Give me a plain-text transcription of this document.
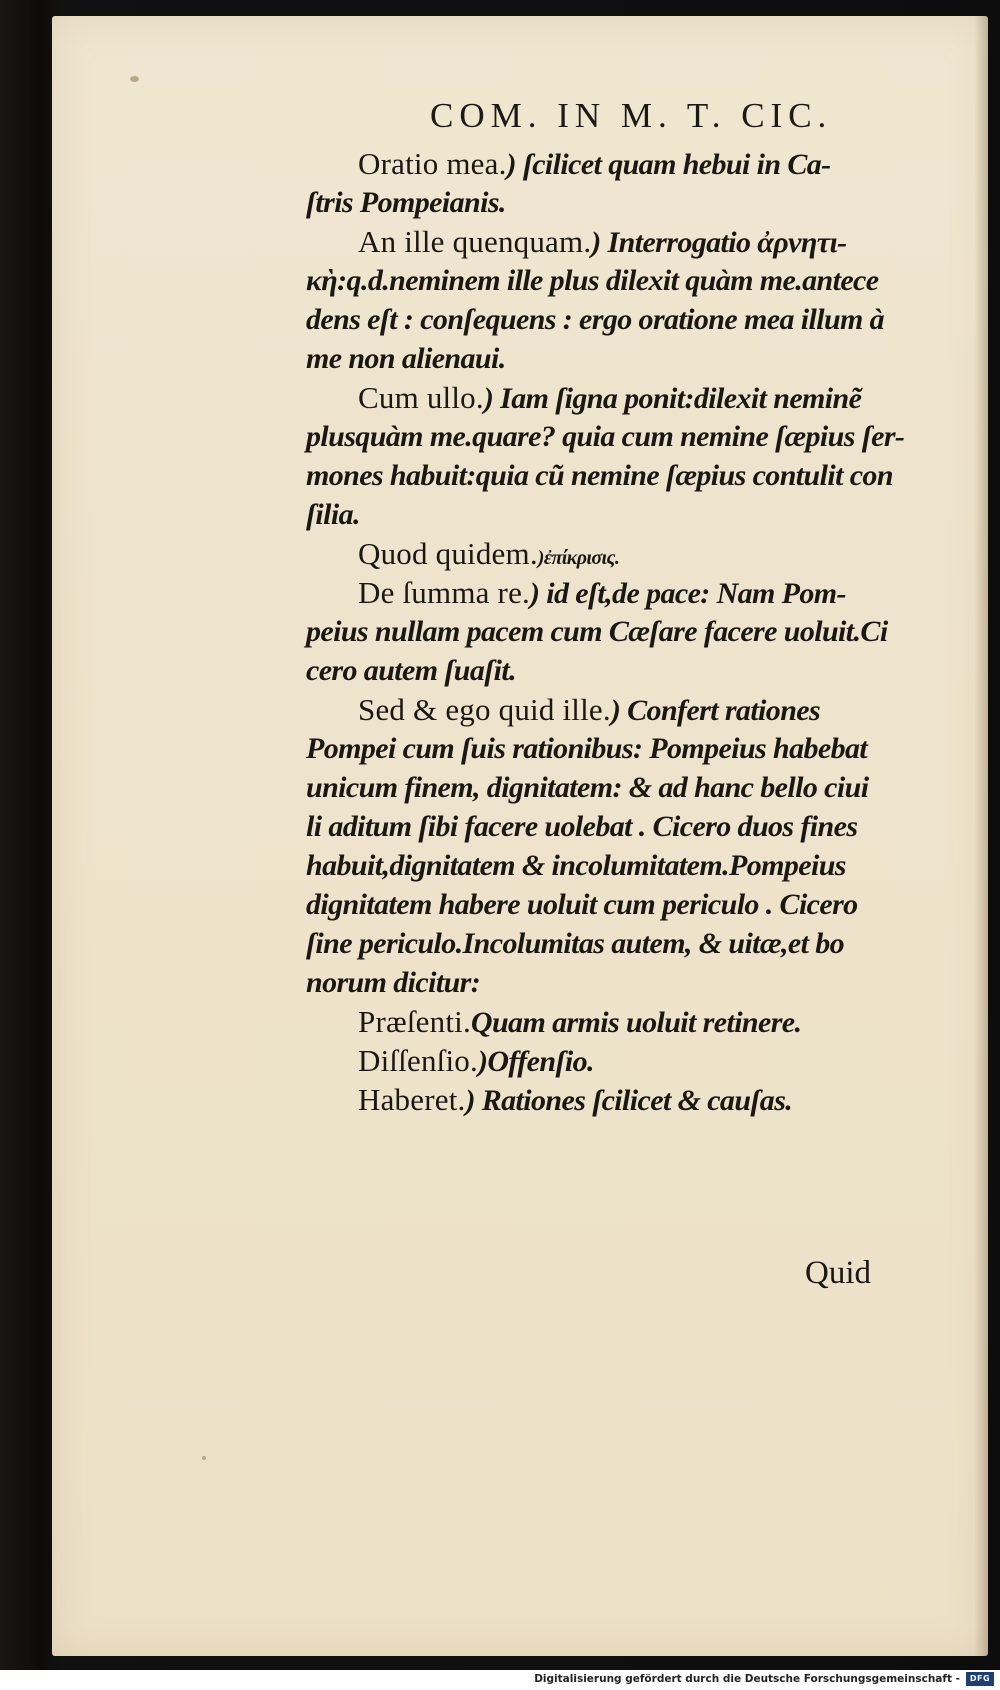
COM. IN M. T. CIC.
Oratio mea.) ſcilicet quam hebui in Ca-
ſtris Pompeianis.
An ille quenquam.) Interrogatio ἀρνητι-
κὴ:q.d.neminem ille plus dilexit quàm me.antece
dens eſt : conſequens : ergo oratione mea illum à
me non alienaui.
Cum ullo.) Iam ſigna ponit:dilexit neminẽ
plusquàm me.quare? quia cum nemine ſæpius ſer-
mones habuit:quia cũ nemine ſæpius contulit con
ſilia.
Quod quidem.)ἐπίκρισις.
De ſumma re.) id eſt,de pace: Nam Pom-
peius nullam pacem cum Cæſare facere uoluit.Ci
cero autem ſuaſit.
Sed & ego quid ille.) Confert rationes
Pompei cum ſuis rationibus: Pompeius habebat
unicum finem, dignitatem: & ad hanc bello ciui
li aditum ſibi facere uolebat . Cicero duos fines
habuit,dignitatem & incolumitatem.Pompeius
dignitatem habere uoluit cum periculo . Cicero
ſine periculo.Incolumitas autem, & uitæ,et bo
norum dicitur:
Præſenti.Quam armis uoluit retinere.
Diſſenſio.)Offenſio.
Haberet.) Rationes ſcilicet & cauſas.
Quid
Digitalisierung gefördert durch die Deutsche Forschungsgemeinschaft -	DFG
